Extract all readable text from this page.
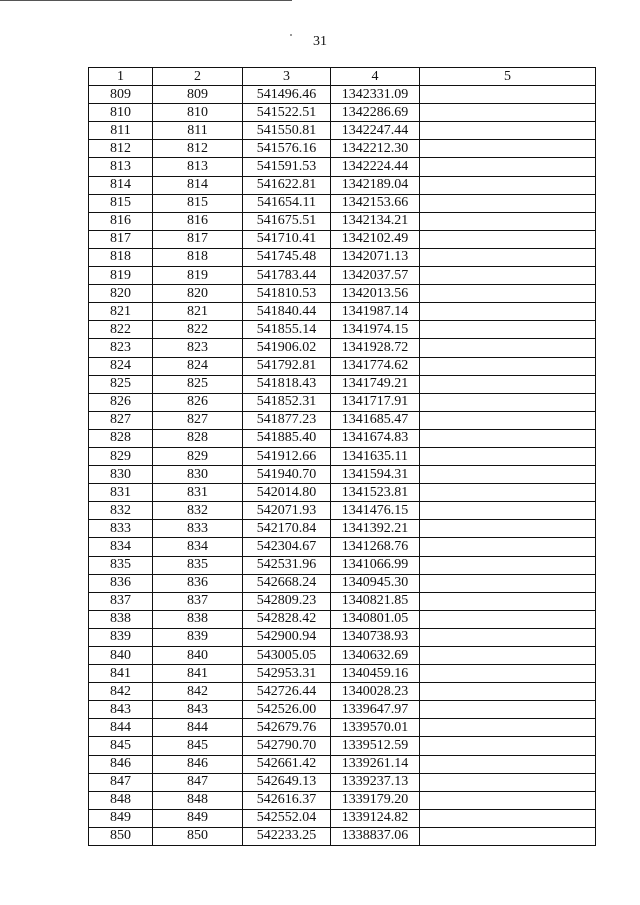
31
1	2	3	4	5
809	809	541496.46	1342331.09	
810	810	541522.51	1342286.69	
811	811	541550.81	1342247.44	
812	812	541576.16	1342212.30	
813	813	541591.53	1342224.44	
814	814	541622.81	1342189.04	
815	815	541654.11	1342153.66	
816	816	541675.51	1342134.21	
817	817	541710.41	1342102.49	
818	818	541745.48	1342071.13	
819	819	541783.44	1342037.57	
820	820	541810.53	1342013.56	
821	821	541840.44	1341987.14	
822	822	541855.14	1341974.15	
823	823	541906.02	1341928.72	
824	824	541792.81	1341774.62	
825	825	541818.43	1341749.21	
826	826	541852.31	1341717.91	
827	827	541877.23	1341685.47	
828	828	541885.40	1341674.83	
829	829	541912.66	1341635.11	
830	830	541940.70	1341594.31	
831	831	542014.80	1341523.81	
832	832	542071.93	1341476.15	
833	833	542170.84	1341392.21	
834	834	542304.67	1341268.76	
835	835	542531.96	1341066.99	
836	836	542668.24	1340945.30	
837	837	542809.23	1340821.85	
838	838	542828.42	1340801.05	
839	839	542900.94	1340738.93	
840	840	543005.05	1340632.69	
841	841	542953.31	1340459.16	
842	842	542726.44	1340028.23	
843	843	542526.00	1339647.97	
844	844	542679.76	1339570.01	
845	845	542790.70	1339512.59	
846	846	542661.42	1339261.14	
847	847	542649.13	1339237.13	
848	848	542616.37	1339179.20	
849	849	542552.04	1339124.82	
850	850	542233.25	1338837.06	
